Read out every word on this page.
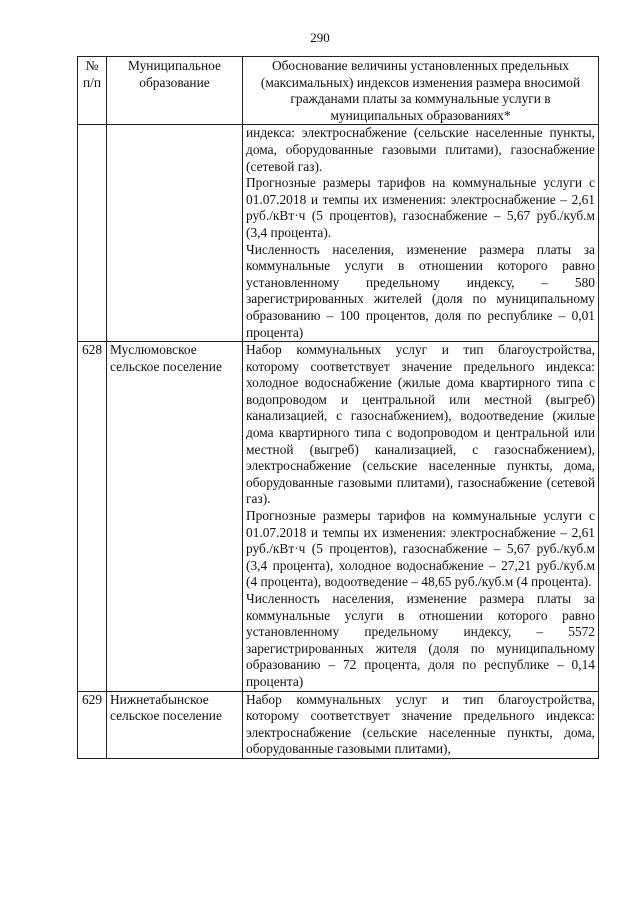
290
№ п/п	Муниципальное образование	Обоснование величины установленных предельных (максимальных) индексов изменения размера вносимой гражданами платы за коммунальные услуги в муниципальных образованиях*

		индекса: электроснабжение (сельские населенные пункты, дома, оборудованные газовыми плитами), газоснабжение (сетевой газ).

Прогнозные размеры тарифов на коммунальные услуги с 01.07.2018 и темпы их изменения: электроснабжение – 2,61 руб./кВт·ч (5 процентов), газоснабжение – 5,67 руб./куб.м (3,4 процента).

Численность населения, изменение размера платы за коммунальные услуги в отношении которого равно установленному предельному индексу, – 580 зарегистрированных жителей (доля по муниципальному образованию – 100 процентов, доля по республике – 0,01 процента)

628	Муслюмовское сельское поселение	Набор коммунальных услуг и тип благоустройства, которому соответствует значение предельного индекса: холодное водоснабжение (жилые дома квартирного типа с водопроводом и центральной или местной (выгреб) канализацией, с газоснабжением), водоотведение (жилые дома квартирного типа с водопроводом и центральной или местной (выгреб) канализацией, с газоснабжением), электроснабжение (сельские населенные пункты, дома, оборудованные газовыми плитами), газоснабжение (сетевой газ).

Прогнозные размеры тарифов на коммунальные услуги с 01.07.2018 и темпы их изменения: электроснабжение – 2,61 руб./кВт·ч (5 процентов), газоснабжение – 5,67 руб./куб.м (3,4 процента), холодное водоснабжение – 27,21 руб./куб.м (4 процента), водоотведение – 48,65 руб./куб.м (4 процента).

Численность населения, изменение размера платы за коммунальные услуги в отношении которого равно установленному предельному индексу, – 5572 зарегистрированных жителя (доля по муниципальному образованию – 72 процента, доля по республике – 0,14 процента)

629	Нижнетабынское сельское поселение	Набор коммунальных услуг и тип благоустройства, которому соответствует значение предельного индекса: электроснабжение (сельские населенные пункты, дома, оборудованные газовыми плитами),
